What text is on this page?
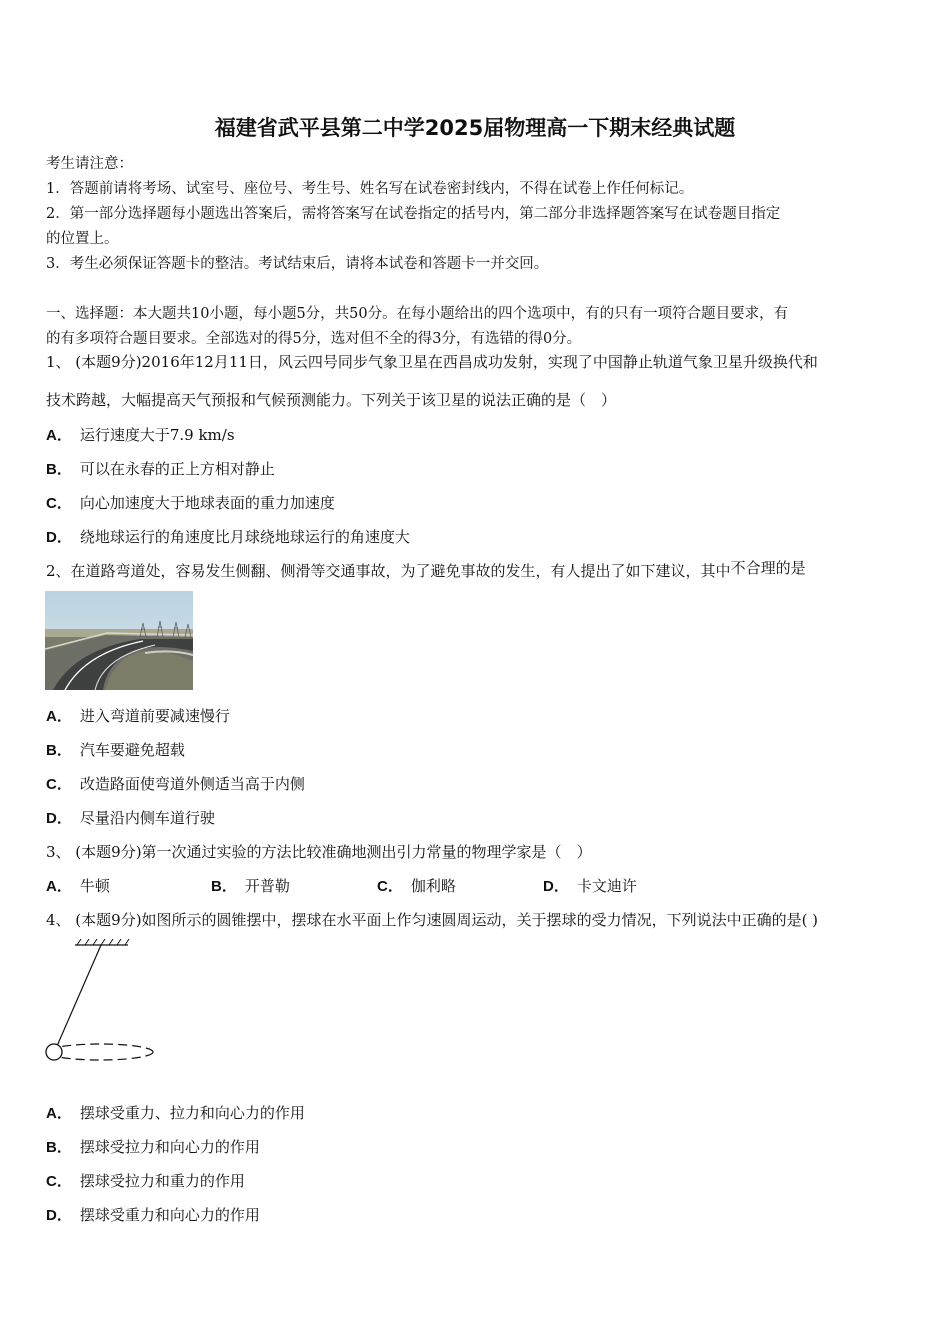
福建省武平县第二中学2025届物理高一下期末经典试题
考生请注意：
1．答题前请将考场、试室号、座位号、考生号、姓名写在试卷密封线内，不得在试卷上作任何标记。
2．第一部分选择题每小题选出答案后，需将答案写在试卷指定的括号内，第二部分非选择题答案写在试卷题目指定
的位置上。
3．考生必须保证答题卡的整洁。考试结束后，请将本试卷和答题卡一并交回。
一、选择题：本大题共10小题，每小题5分，共50分。在每小题给出的四个选项中，有的只有一项符合题目要求，有
的有多项符合题目要求。全部选对的得5分，选对但不全的得3分，有选错的得0分。
1、 (本题9分)2016年12月11日，风云四号同步气象卫星在西昌成功发射，实现了中国静止轨道气象卫星升级换代和
技术跨越，大幅提高天气预报和气候预测能力。下列关于该卫星的说法正确的是（　）
A． 运行速度大于7.9 km/s
B． 可以在永春的正上方相对静止
C． 向心加速度大于地球表面的重力加速度
D． 绕地球运行的角速度比月球绕地球运行的角速度大
2、在道路弯道处，容易发生侧翻、侧滑等交通事故，为了避免事故的发生，有人提出了如下建议，其中不合理的是
A． 进入弯道前要减速慢行
B． 汽车要避免超载
C． 改造路面使弯道外侧适当高于内侧
D． 尽量沿内侧车道行驶
3、 (本题9分)第一次通过实验的方法比较准确地测出引力常量的物理学家是（　）
A． 牛顿	B． 开普勒	C． 伽利略	D． 卡文迪许
4、 (本题9分)如图所示的圆锥摆中，摆球在水平面上作匀速圆周运动，关于摆球的受力情况，下列说法中正确的是( )
A． 摆球受重力、拉力和向心力的作用
B． 摆球受拉力和向心力的作用
C． 摆球受拉力和重力的作用
D． 摆球受重力和向心力的作用
